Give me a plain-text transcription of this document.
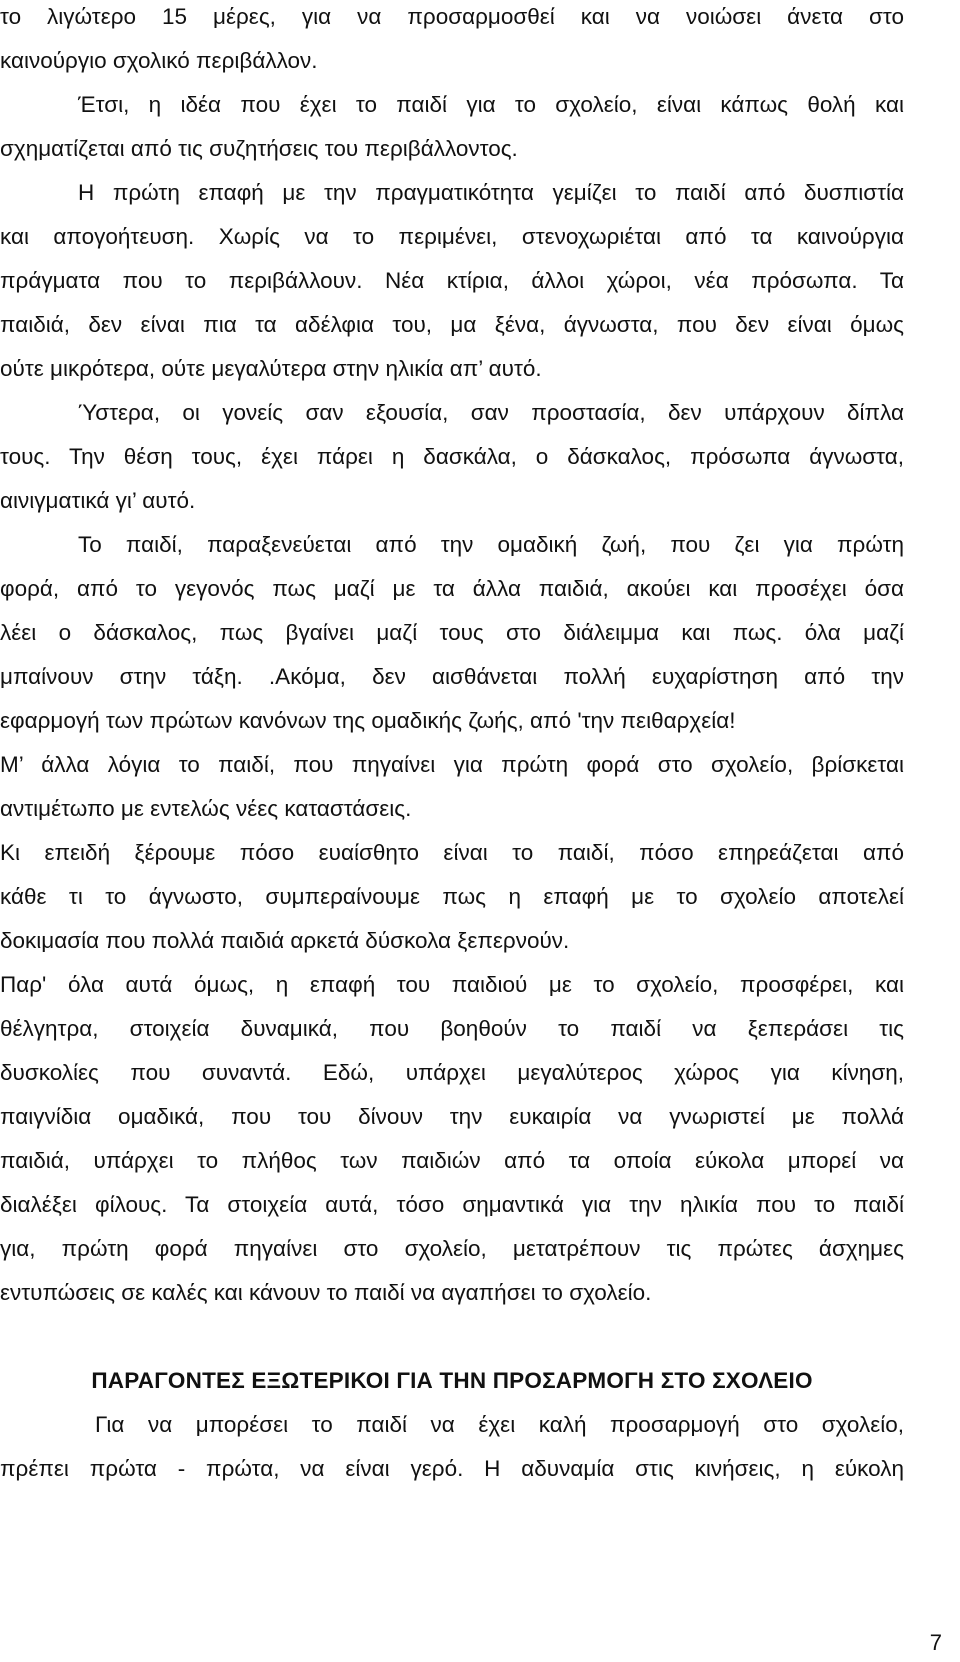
το λιγώτερο 15 μέρες, για να προσαρμοσθεί και να νοιώσει άνετα στο
καινούργιο σχολικό περιβάλλον.
Έτσι, η ιδέα που έχει το παιδί για το σχολείο, είναι κάπως θολή και
σχηματίζεται από τις συζητήσεις του περιβάλλοντος.
Η πρώτη επαφή με την πραγματικότητα γεμίζει το παιδί από δυσπιστία
και απογοήτευση. Χωρίς να το περιμένει, στενοχωριέται από τα καινούργια
πράγματα που το περιβάλλουν. Νέα κτίρια, άλλοι χώροι, νέα πρόσωπα. Τα
παιδιά, δεν είναι πια τα αδέλφια του, μα ξένα, άγνωστα, που δεν είναι όμως
ούτε μικρότερα, ούτε μεγαλύτερα στην ηλικία απ’ αυτό.
Ύστερα, οι γονείς σαν εξουσία, σαν προστασία, δεν υπάρχουν δίπλα
τους. Την θέση τους, έχει πάρει η δασκάλα, ο δάσκαλος, πρόσωπα άγνωστα,
αινιγματικά γι’ αυτό.
Το παιδί, παραξενεύεται από την ομαδική ζωή, που ζει για πρώτη
φορά, από το γεγονός πως μαζί με τα άλλα παιδιά, ακούει και προσέχει όσα
λέει ο δάσκαλος, πως βγαίνει μαζί τους στο διάλειμμα και πως. όλα μαζί
μπαίνουν στην τάξη. .Ακόμα, δεν αισθάνεται πολλή ευχαρίστηση από την
εφαρμογή των πρώτων κανόνων της ομαδικής ζωής, από 'την πειθαρχεία!
Μ’ άλλα λόγια το παιδί, που πηγαίνει για πρώτη φορά στο σχολείο, βρίσκεται
αντιμέτωπο με εντελώς νέες καταστάσεις.
Κι επειδή ξέρουμε πόσο ευαίσθητο είναι το παιδί, πόσο επηρεάζεται από
κάθε τι το άγνωστο, συμπεραίνουμε πως η επαφή με το σχολείο αποτελεί
δοκιμασία που πολλά παιδιά αρκετά δύσκολα ξεπερνούν.
Παρ' όλα αυτά όμως, η επαφή του παιδιού με το σχολείο, προσφέρει, και
θέλγητρα, στοιχεία δυναμικά, που βοηθούν το παιδί να ξεπεράσει τις
δυσκολίες που συναντά. Εδώ, υπάρχει μεγαλύτερος χώρος για κίνηση,
παιγνίδια ομαδικά, που του δίνουν την ευκαιρία να γνωριστεί με πολλά
παιδιά, υπάρχει το πλήθος των παιδιών από τα οποία εύκολα μπορεί να
διαλέξει φίλους. Τα στοιχεία αυτά, τόσο σημαντικά για την ηλικία που το παιδί
για, πρώτη φορά πηγαίνει στο σχολείο, μετατρέπουν τις πρώτες άσχημες
εντυπώσεις σε καλές και κάνουν το παιδί να αγαπήσει το σχολείο.
ΠΑΡΑΓΟΝΤΕΣ ΕΞΩΤΕΡΙΚΟΙ ΓΙΑ ΤΗΝ ΠΡΟΣΑΡΜΟΓΗ ΣΤΟ ΣΧΟΛΕΙΟ
Για να μπορέσει το παιδί να έχει καλή προσαρμογή στο σχολείο,
πρέπει πρώτα - πρώτα, να είναι γερό. Η αδυναμία στις κινήσεις, η εύκολη
7
